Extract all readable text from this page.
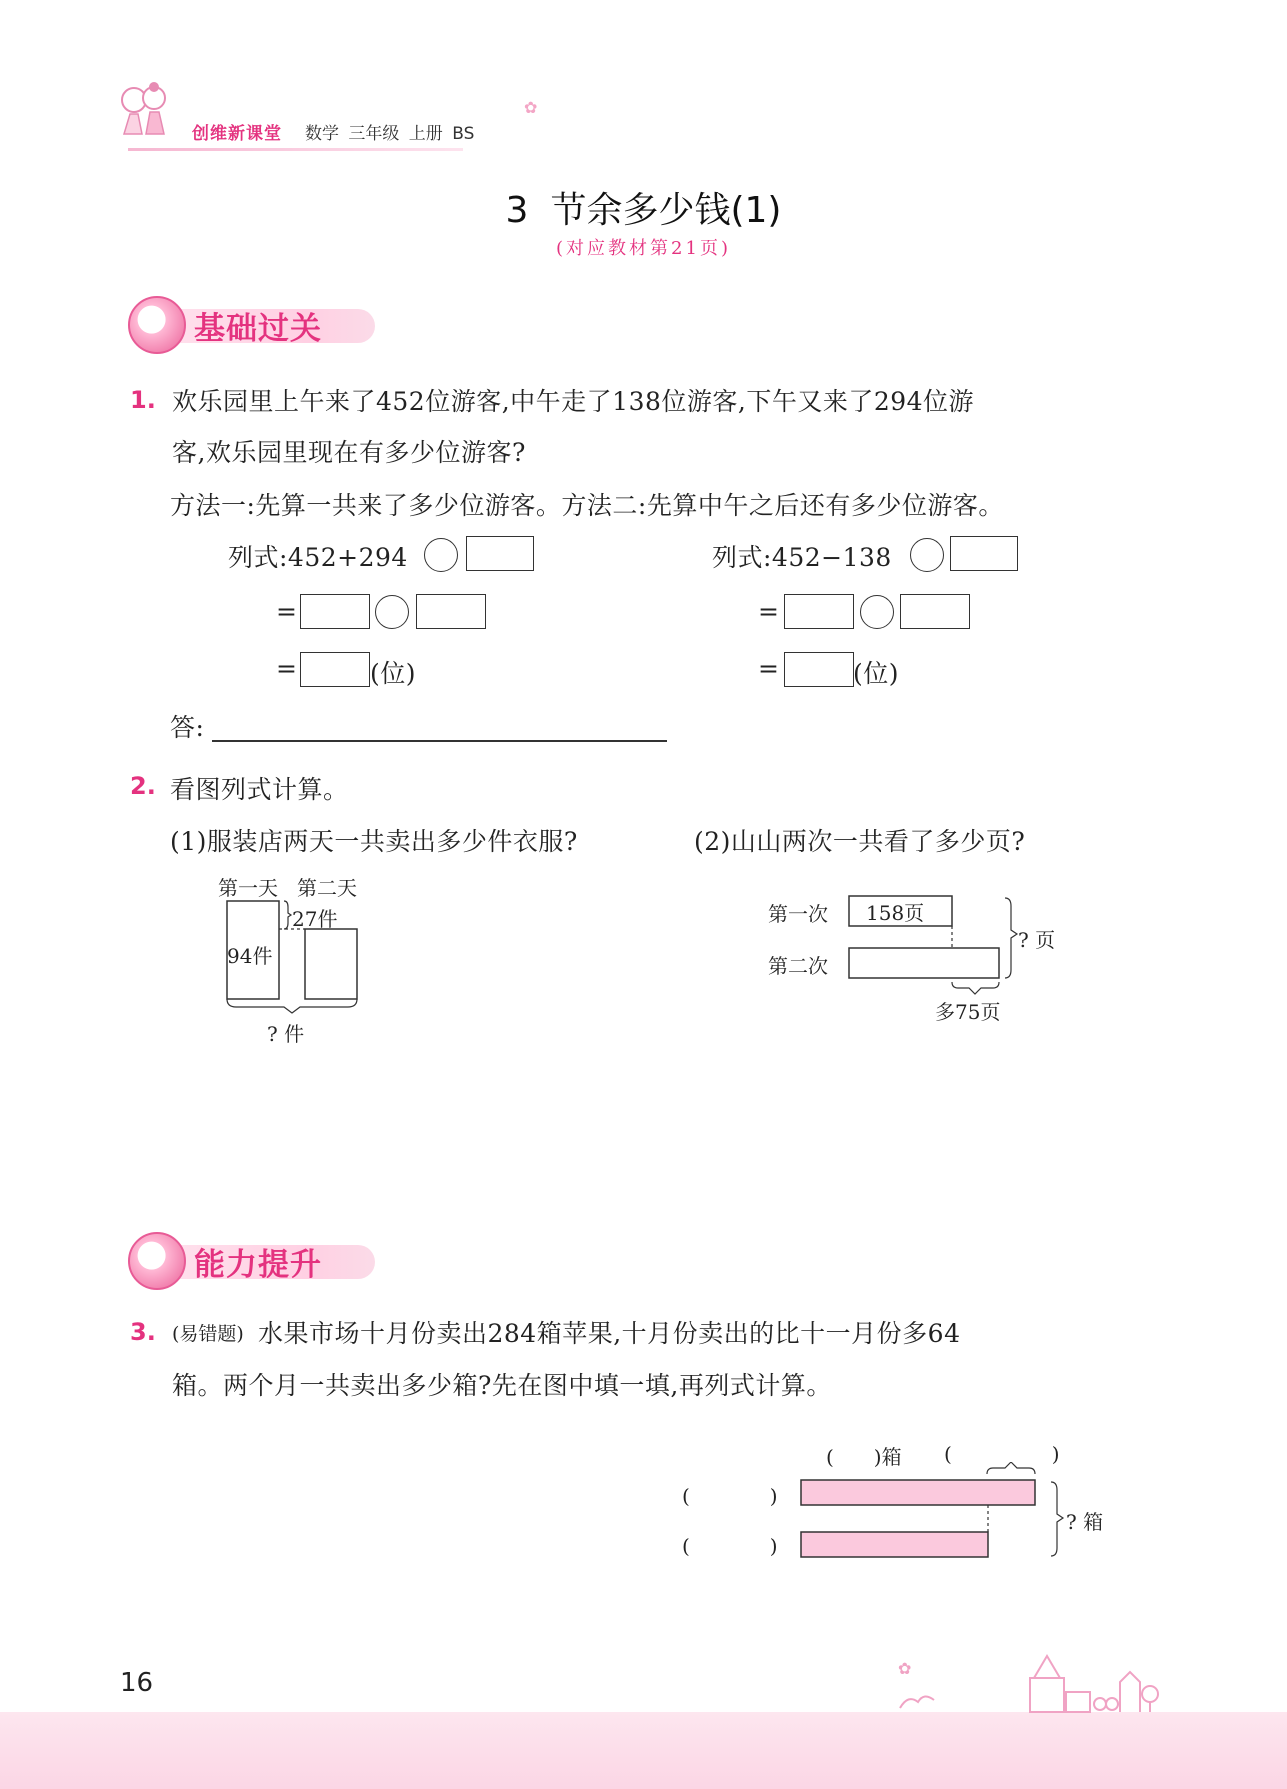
创维新课堂 数学 三年级 上册 BS
✿
3 节余多少钱(1)
(对应教材第21页)
基础过关
1. 欢乐园里上午来了452位游客,中午走了138位游客,下午又来了294位游
客,欢乐园里现在有多少位游客?
方法一:先算一共来了多少位游客。方法二:先算中午之后还有多少位游客。
列式:452+294
=
=	(位)
列式:452−138
=
=	(位)
答:
2. 看图列式计算。
(1)服装店两天一共卖出多少件衣服?	(2)山山两次一共看了多少页?
第一天 第二天
27件
94件
? 件
第一次
第二次
158页
? 页
多75页
能力提升
3. (易错题) 水果市场十月份卖出284箱苹果,十月份卖出的比十一月份多64
箱。两个月一共卖出多少箱?先在图中填一填,再列式计算。
(　　)箱 (　　　　　)
(　　　　)
(　　　　)
? 箱
16	✿
